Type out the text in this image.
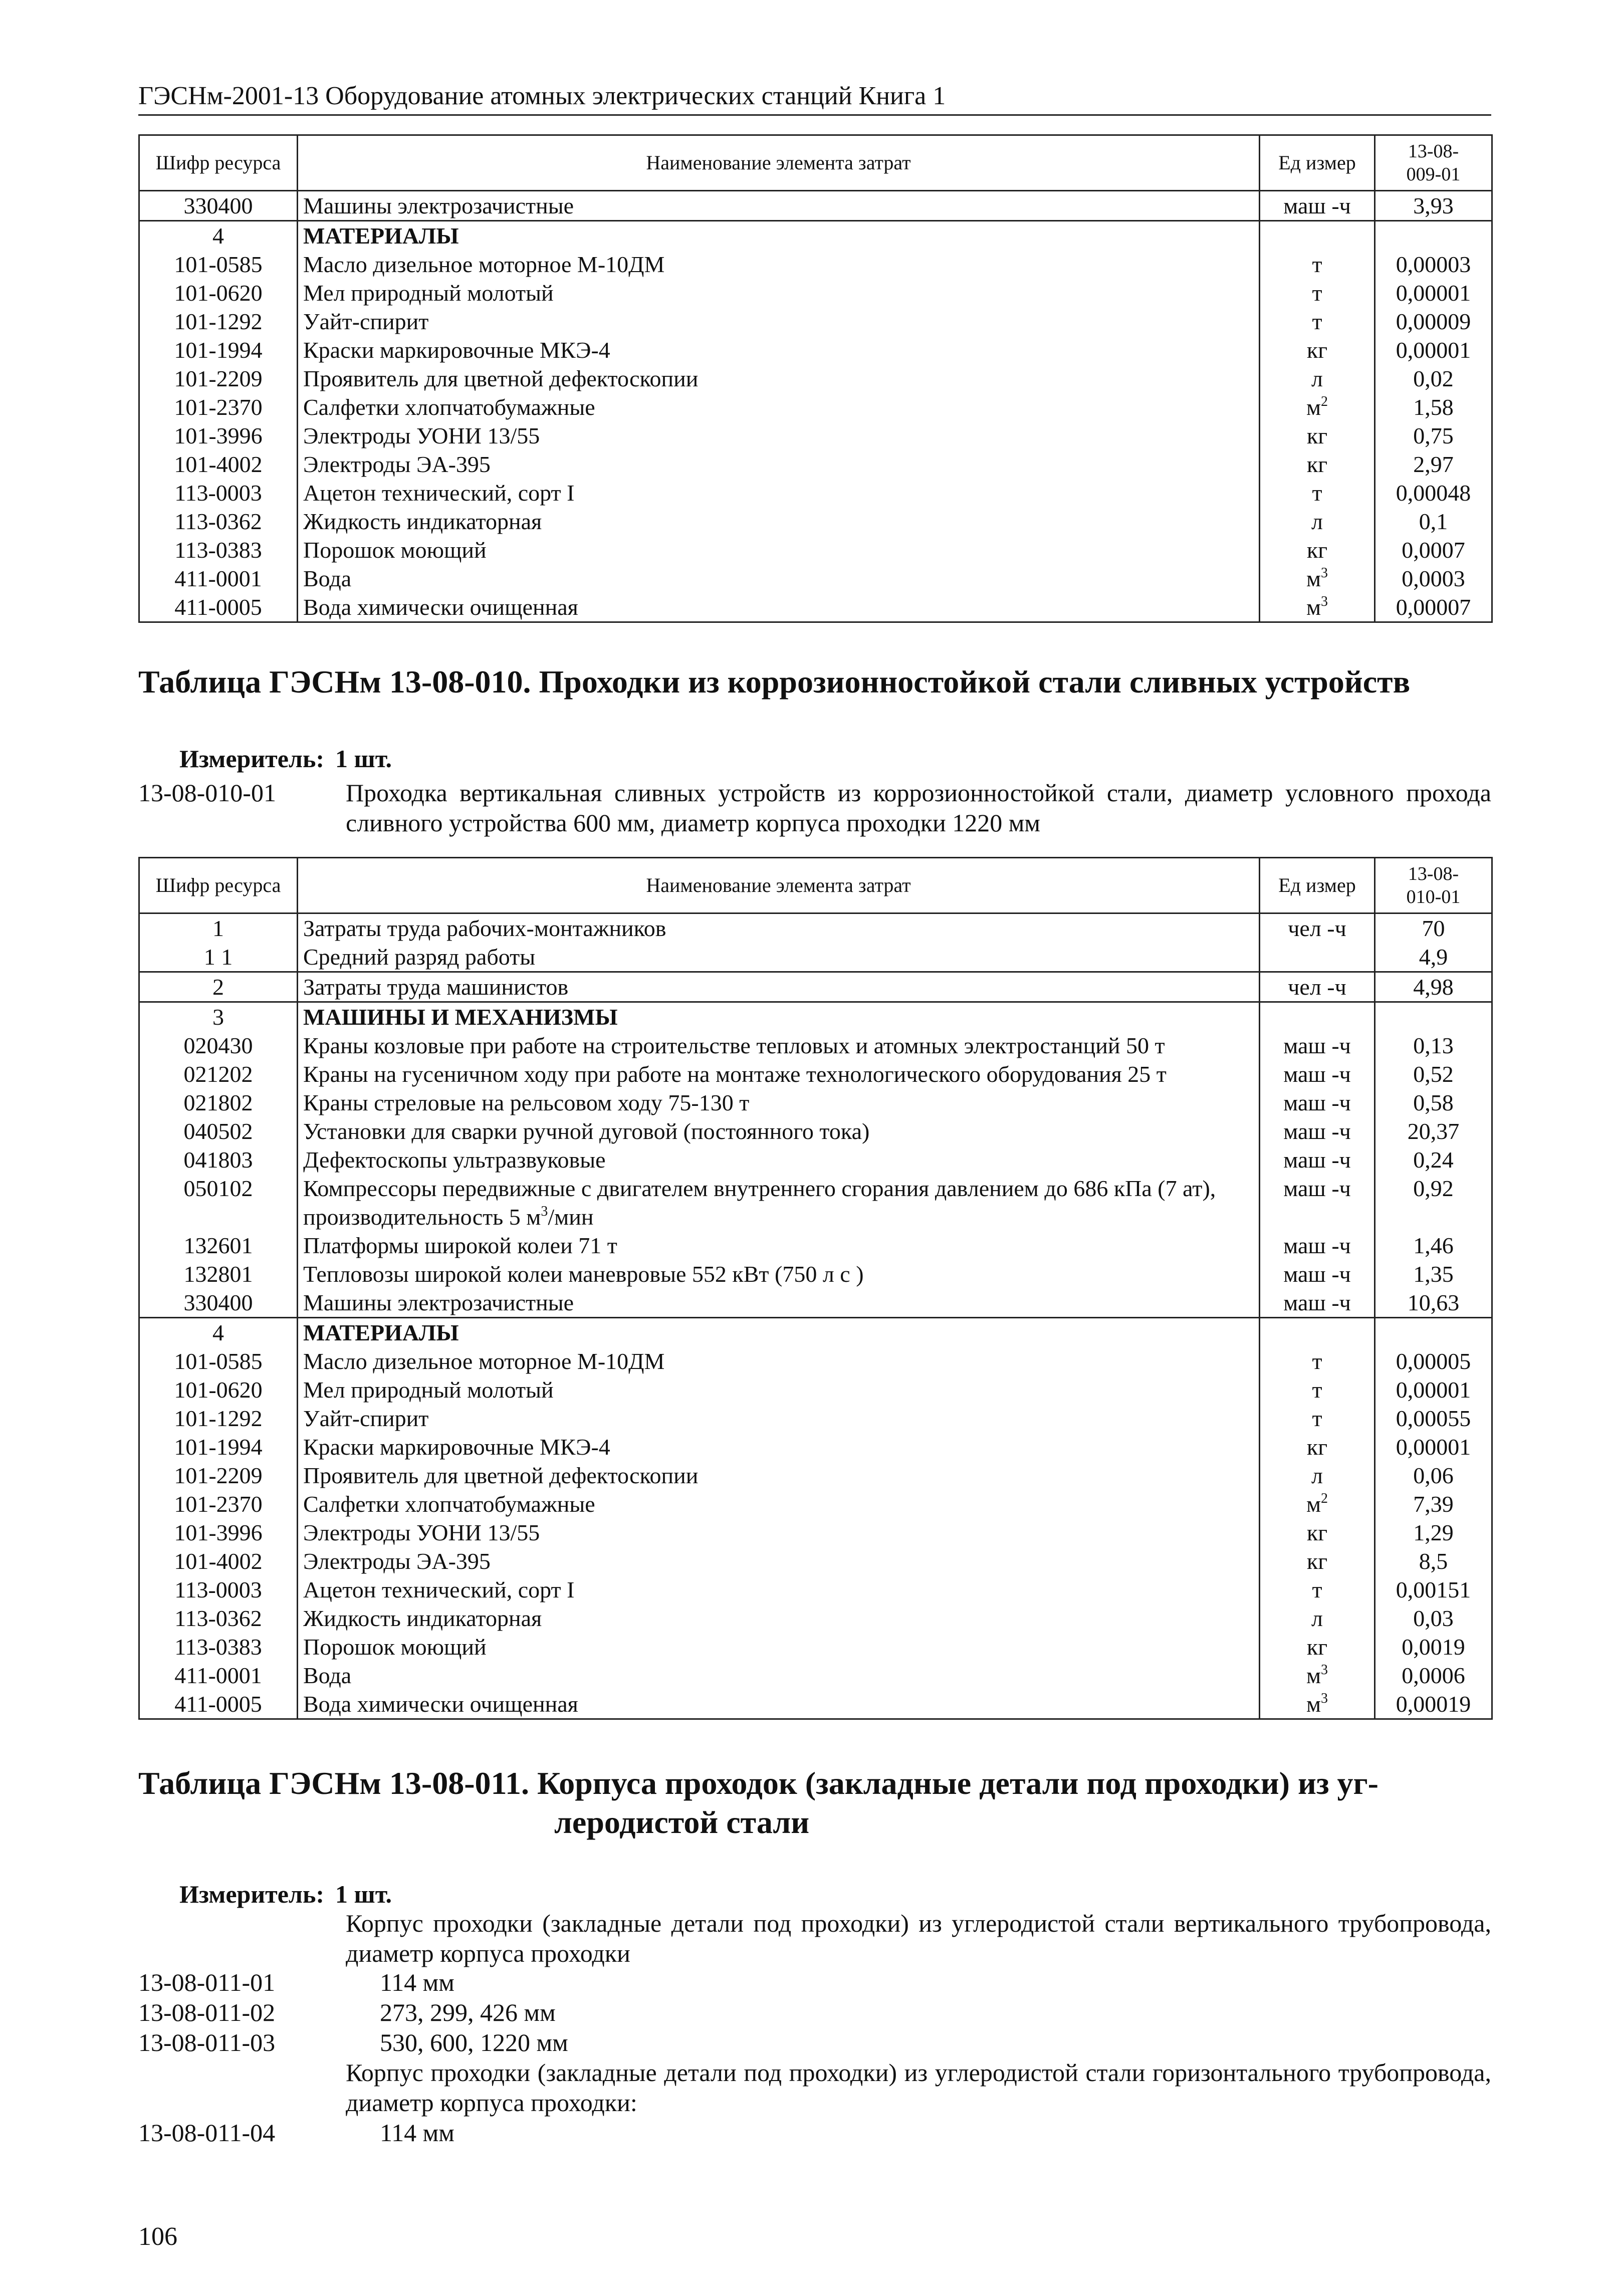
ГЭСНм-2001-13 Оборудование атомных электрических станций Книга 1
Шифр ресурса	Наименование элемента затрат	Ед измер	13-08-
009-01

330400	Машины электрозачистные	маш -ч	3,93
4	МАТЕРИАЛЫ		
101-0585	Масло дизельное моторное М-10ДМ	т	0,00003
101-0620	Мел природный молотый	т	0,00001
101-1292	Уайт-спирит	т	0,00009
101-1994	Краски маркировочные МКЭ-4	кг	0,00001
101-2209	Проявитель для цветной дефектоскопии	л	0,02
101-2370	Салфетки хлопчатобумажные	$м^2$	1,58
101-3996	Электроды УОНИ 13/55	кг	0,75
101-4002	Электроды ЭА-395	кг	2,97
113-0003	Ацетон технический, сорт I	т	0,00048
113-0362	Жидкость индикаторная	л	0,1
113-0383	Порошок моющий	кг	0,0007
411-0001	Вода	$м^3$	0,0003
411-0005	Вода химически очищенная	$м^3$	0,00007
Таблица ГЭСНм 13-08-010. Проходки из коррозионностойкой стали сливных устройств
Измеритель: 1 шт.
13-08-010-01	Проходка вертикальная сливных устройств из коррозионностойкой стали, диаметр условного прохода сливного устройства 600 мм, диаметр корпуса проходки 1220 мм
Шифр ресурса	Наименование элемента затрат	Ед измер	13-08-
010-01

1	Затраты труда рабочих-монтажников	чел -ч	70
1 1	Средний разряд работы		4,9
2	Затраты труда машинистов	чел -ч	4,98
3	МАШИНЫ И МЕХАНИЗМЫ		
020430	Краны козловые при работе на строительстве тепловых и атомных электростанций 50 т	маш -ч	0,13
021202	Краны на гусеничном ходу при работе на монтаже технологического оборудования 25 т	маш -ч	0,52
021802	Краны стреловые на рельсовом ходу 75-130 т	маш -ч	0,58
040502	Установки для сварки ручной дуговой (постоянного тока)	маш -ч	20,37
041803	Дефектоскопы ультразвуковые	маш -ч	0,24
050102	Компрессоры передвижные с двигателем внутреннего сгорания давлением до 686 кПа (7 ат), производительность 5 $м^3$/мин	маш -ч	0,92
132601	Платформы широкой колеи 71 т	маш -ч	1,46
132801	Тепловозы широкой колеи маневровые 552 кВт (750 л с )	маш -ч	1,35
330400	Машины электрозачистные	маш -ч	10,63
4	МАТЕРИАЛЫ		
101-0585	Масло дизельное моторное М-10ДМ	т	0,00005
101-0620	Мел природный молотый	т	0,00001
101-1292	Уайт-спирит	т	0,00055
101-1994	Краски маркировочные МКЭ-4	кг	0,00001
101-2209	Проявитель для цветной дефектоскопии	л	0,06
101-2370	Салфетки хлопчатобумажные	$м^2$	7,39
101-3996	Электроды УОНИ 13/55	кг	1,29
101-4002	Электроды ЭА-395	кг	8,5
113-0003	Ацетон технический, сорт I	т	0,00151
113-0362	Жидкость индикаторная	л	0,03
113-0383	Порошок моющий	кг	0,0019
411-0001	Вода	$м^3$	0,0006
411-0005	Вода химически очищенная	$м^3$	0,00019
Таблица ГЭСНм 13-08-011. Корпуса проходок (закладные детали под проходки) из уг-
леродистой стали
Измеритель: 1 шт.
Корпус проходки (закладные детали под проходки) из углеродистой стали вертикального трубопровода, диаметр корпуса проходки
13-08-011-01	114 мм
13-08-011-02	273, 299, 426 мм
13-08-011-03	530, 600, 1220 мм
Корпус проходки (закладные детали под проходки) из углеродистой стали горизонтального трубопровода, диаметр корпуса проходки:
13-08-011-04	114 мм
106
